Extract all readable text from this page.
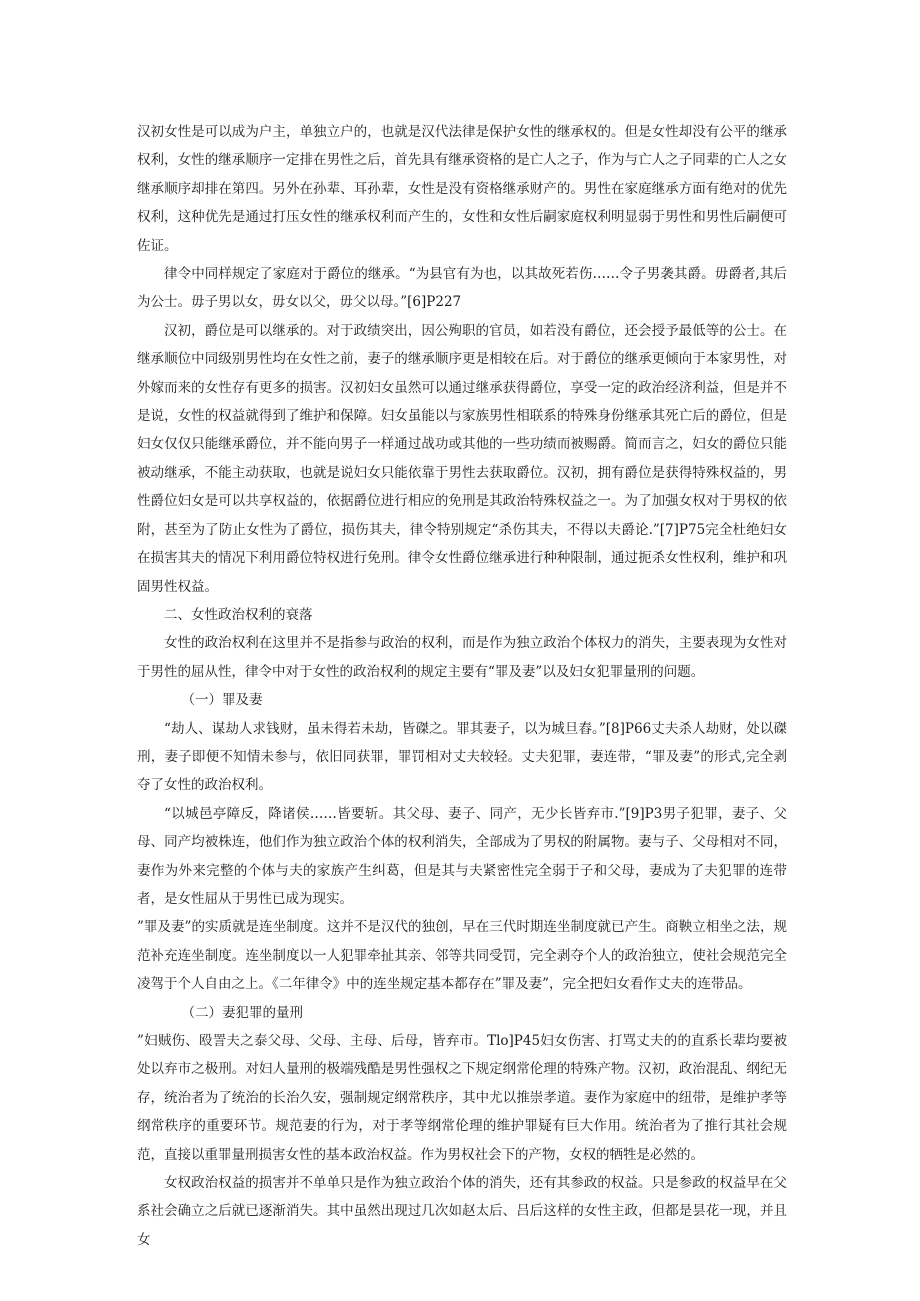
汉初女性是可以成为户主，单独立户的，也就是汉代法律是保护女性的继承权的。但是女性却没有公平的继承权利，女性的继承顺序一定排在男性之后，首先具有继承资格的是亡人之子，作为与亡人之子同辈的亡人之女继承顺序却排在第四。另外在孙辈、耳孙辈，女性是没有资格继承财产的。男性在家庭继承方面有绝对的优先权利，这种优先是通过打压女性的继承权利而产生的，女性和女性后嗣家庭权利明显弱于男性和男性后嗣便可佐证。

律令中同样规定了家庭对于爵位的继承。“为县官有为也，以其故死若伤……令子男袭其爵。毋爵者,其后为公士。毋子男以女，毋女以父，毋父以母。”[6]P227

汉初，爵位是可以继承的。对于政绩突出，因公殉职的官员，如若没有爵位，还会授予最低等的公士。在继承顺位中同级别男性均在女性之前，妻子的继承顺序更是相较在后。对于爵位的继承更倾向于本家男性，对外嫁而来的女性存有更多的损害。汉初妇女虽然可以通过继承获得爵位，享受一定的政治经济利益，但是并不是说，女性的权益就得到了维护和保障。妇女虽能以与家族男性相联系的特殊身份继承其死亡后的爵位，但是妇女仅仅只能继承爵位，并不能向男子一样通过战功或其他的一些功绩而被赐爵。简而言之，妇女的爵位只能被动继承，不能主动获取，也就是说妇女只能依靠于男性去获取爵位。汉初，拥有爵位是获得特殊权益的，男性爵位妇女是可以共享权益的，依据爵位进行相应的免刑是其政治特殊权益之一。为了加强女权对于男权的依附，甚至为了防止女性为了爵位，损伤其夫，律令特别规定“杀伤其夫，不得以夫爵论.”[7]P75完全杜绝妇女在损害其夫的情况下利用爵位特权进行免刑。律令女性爵位继承进行种种限制，通过扼杀女性权利，维护和巩固男性权益。

二、女性政治权利的衰落

女性的政治权利在这里并不是指参与政治的权利，而是作为独立政治个体权力的消失，主要表现为女性对于男性的屈从性，律令中对于女性的政治权利的规定主要有“罪及妻”以及妇女犯罪量刑的问题。

（一）罪及妻

“劫人、谋劫人求钱财，虽未得若未劫，皆磔之。罪其妻子，以为城旦舂。”[8]P66丈夫杀人劫财，处以磔刑，妻子即便不知情未参与，依旧同获罪，罪罚相对丈夫较轻。丈夫犯罪，妻连带，“罪及妻”的形式,完全剥夺了女性的政治权利。

“以城邑亭障反，降诸侯……皆要斩。其父母、妻子、同产，无少长皆弃市.”[9]P3男子犯罪，妻子、父母、同产均被株连，他们作为独立政治个体的权利消失，全部成为了男权的附属物。妻与子、父母相对不同，妻作为外来完整的个体与夫的家族产生纠葛，但是其与夫紧密性完全弱于子和父母，妻成为了夫犯罪的连带者，是女性屈从于男性已成为现实。

”罪及妻”的实质就是连坐制度。这并不是汉代的独创，早在三代时期连坐制度就已产生。商鞅立相坐之法，规范补充连坐制度。连坐制度以一人犯罪牵扯其亲、邻等共同受罚，完全剥夺个人的政治独立，使社会规范完全凌驾于个人自由之上。《二年律令》中的连坐规定基本都存在”罪及妻”，完全把妇女看作丈夫的连带品。

（二）妻犯罪的量刑

”妇贼伤、殴詈夫之泰父母、父母、主母、后母，皆弃市。Tlo]P45妇女伤害、打骂丈夫的的直系长辈均要被处以弃市之极刑。对妇人量刑的极端残酷是男性强权之下规定纲常伦理的特殊产物。汉初，政治混乱、纲纪无存，统治者为了统治的长治久安，强制规定纲常秩序，其中尤以推崇孝道。妻作为家庭中的纽带，是维护孝等纲常秩序的重要环节。规范妻的行为，对于孝等纲常伦理的维护罪疑有巨大作用。统治者为了推行其社会规范，直接以重罪量刑损害女性的基本政治权益。作为男权社会下的产物，女权的牺牲是必然的。

女权政治权益的损害并不单单只是作为独立政治个体的消失，还有其参政的权益。只是参政的权益早在父系社会确立之后就已逐渐消失。其中虽然出现过几次如赵太后、吕后这样的女性主政，但都是昙花一现，并且女
